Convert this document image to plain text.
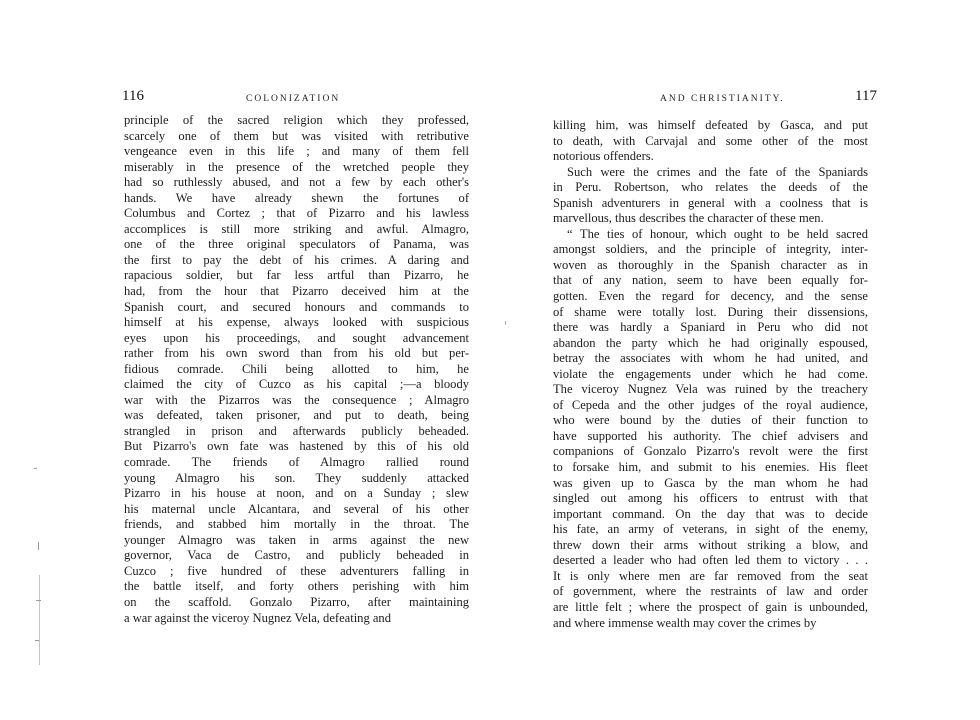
116	COLONIZATION
principle of the sacred religion which they professed,
scarcely one of them but was visited with retributive
vengeance even in this life ; and many of them fell
miserably in the presence of the wretched people they
had so ruthlessly abused, and not a few by each other's
hands. We have already shewn the fortunes of
Columbus and Cortez ; that of Pizarro and his lawless
accomplices is still more striking and awful. Almagro,
one of the three original speculators of Panama, was
the first to pay the debt of his crimes. A daring and
rapacious soldier, but far less artful than Pizarro, he
had, from the hour that Pizarro deceived him at the
Spanish court, and secured honours and commands to
himself at his expense, always looked with suspicious
eyes upon his proceedings, and sought advancement
rather from his own sword than from his old but per-
fidious comrade. Chili being allotted to him, he
claimed the city of Cuzco as his capital ;—a bloody
war with the Pizarros was the consequence ; Almagro
was defeated, taken prisoner, and put to death, being
strangled in prison and afterwards publicly beheaded.
But Pizarro's own fate was hastened by this of his old
comrade. The friends of Almagro rallied round
young Almagro his son. They suddenly attacked
Pizarro in his house at noon, and on a Sunday ; slew
his maternal uncle Alcantara, and several of his other
friends, and stabbed him mortally in the throat. The
younger Almagro was taken in arms against the new
governor, Vaca de Castro, and publicly beheaded in
Cuzco ; five hundred of these adventurers falling in
the battle itself, and forty others perishing with him
on the scaffold. Gonzalo Pizarro, after maintaining
a war against the viceroy Nugnez Vela, defeating and
AND CHRISTIANITY.	117
killing him, was himself defeated by Gasca, and put
to death, with Carvajal and some other of the most
notorious offenders.
Such were the crimes and the fate of the Spaniards
in Peru. Robertson, who relates the deeds of the
Spanish adventurers in general with a coolness that is
marvellous, thus describes the character of these men.
“ The ties of honour, which ought to be held sacred
amongst soldiers, and the principle of integrity, inter-
woven as thoroughly in the Spanish character as in
that of any nation, seem to have been equally for-
gotten. Even the regard for decency, and the sense
of shame were totally lost. During their dissensions,
there was hardly a Spaniard in Peru who did not
abandon the party which he had originally espoused,
betray the associates with whom he had united, and
violate the engagements under which he had come.
The viceroy Nugnez Vela was ruined by the treachery
of Cepeda and the other judges of the royal audience,
who were bound by the duties of their function to
have supported his authority. The chief advisers and
companions of Gonzalo Pizarro's revolt were the first
to forsake him, and submit to his enemies. His fleet
was given up to Gasca by the man whom he had
singled out among his officers to entrust with that
important command. On the day that was to decide
his fate, an army of veterans, in sight of the enemy,
threw down their arms without striking a blow, and
deserted a leader who had often led them to victory . . .
It is only where men are far removed from the seat
of government, where the restraints of law and order
are little felt ; where the prospect of gain is unbounded,
and where immense wealth may cover the crimes by
